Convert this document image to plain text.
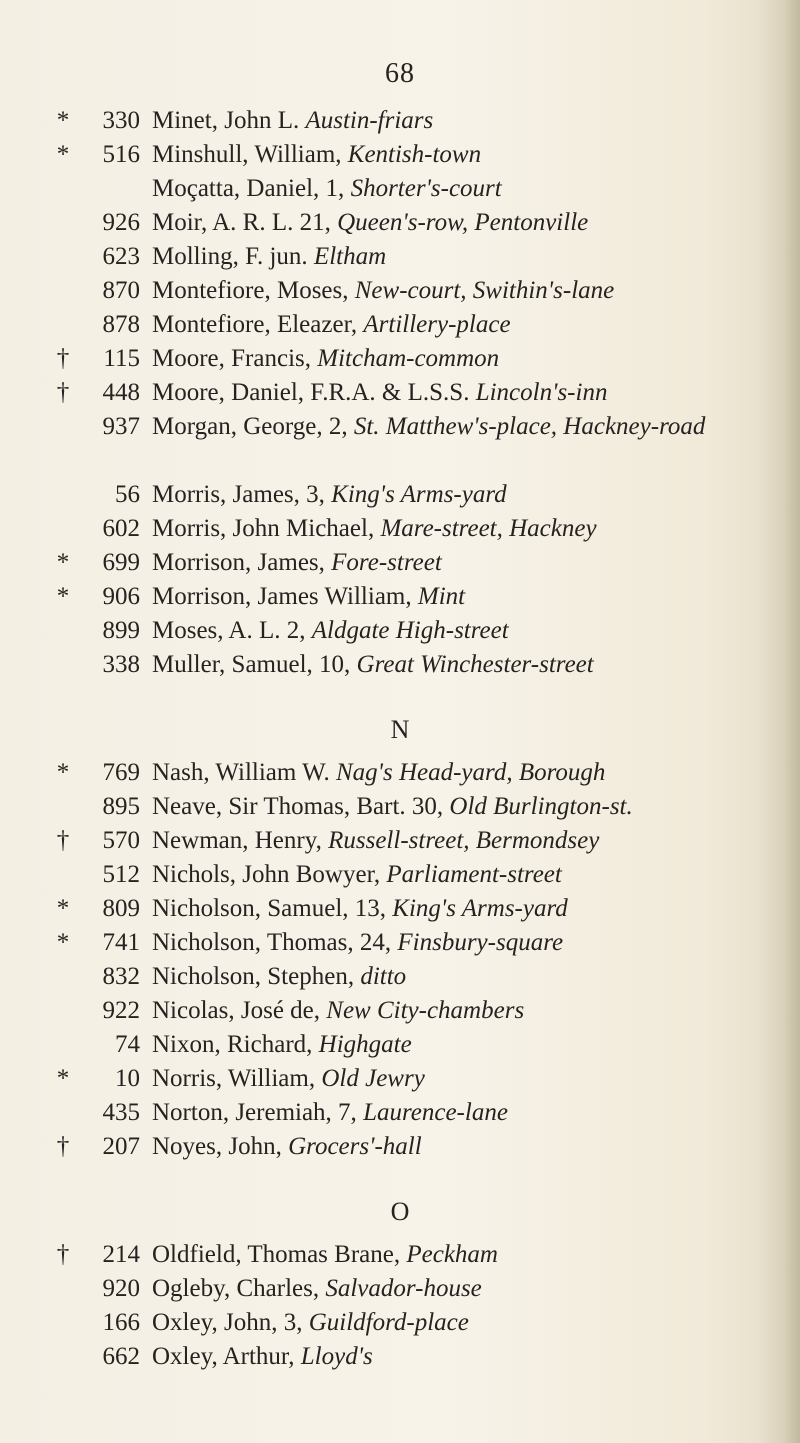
68
*	330 Minet, John L. Austin-friars
*	516 Minshull, William, Kentish-town
Moçatta, Daniel, 1, Shorter's-court
926 Moir, A. R. L. 21, Queen's-row, Pentonville
623 Molling, F. jun. Eltham
870 Montefiore, Moses, New-court, Swithin's-lane
878 Montefiore, Eleazer, Artillery-place
†	115 Moore, Francis, Mitcham-common
†	448 Moore, Daniel, F.R.A. & L.S.S. Lincoln's-inn
937 Morgan, George, 2, St. Matthew's-place, Hackney-road
56 Morris, James, 3, King's Arms-yard
602 Morris, John Michael, Mare-street, Hackney
*	699 Morrison, James, Fore-street
*	906 Morrison, James William, Mint
899 Moses, A. L. 2, Aldgate High-street
338 Muller, Samuel, 10, Great Winchester-street
N
*	769 Nash, William W. Nag's Head-yard, Borough
895 Neave, Sir Thomas, Bart. 30, Old Burlington-st.
†	570 Newman, Henry, Russell-street, Bermondsey
512 Nichols, John Bowyer, Parliament-street
*	809 Nicholson, Samuel, 13, King's Arms-yard
*	741 Nicholson, Thomas, 24, Finsbury-square
832 Nicholson, Stephen, ditto
922 Nicolas, José de, New City-chambers
74 Nixon, Richard, Highgate
*	10 Norris, William, Old Jewry
435 Norton, Jeremiah, 7, Laurence-lane
†	207 Noyes, John, Grocers'-hall
O
†	214 Oldfield, Thomas Brane, Peckham
920 Ogleby, Charles, Salvador-house
166 Oxley, John, 3, Guildford-place
662 Oxley, Arthur, Lloyd's
